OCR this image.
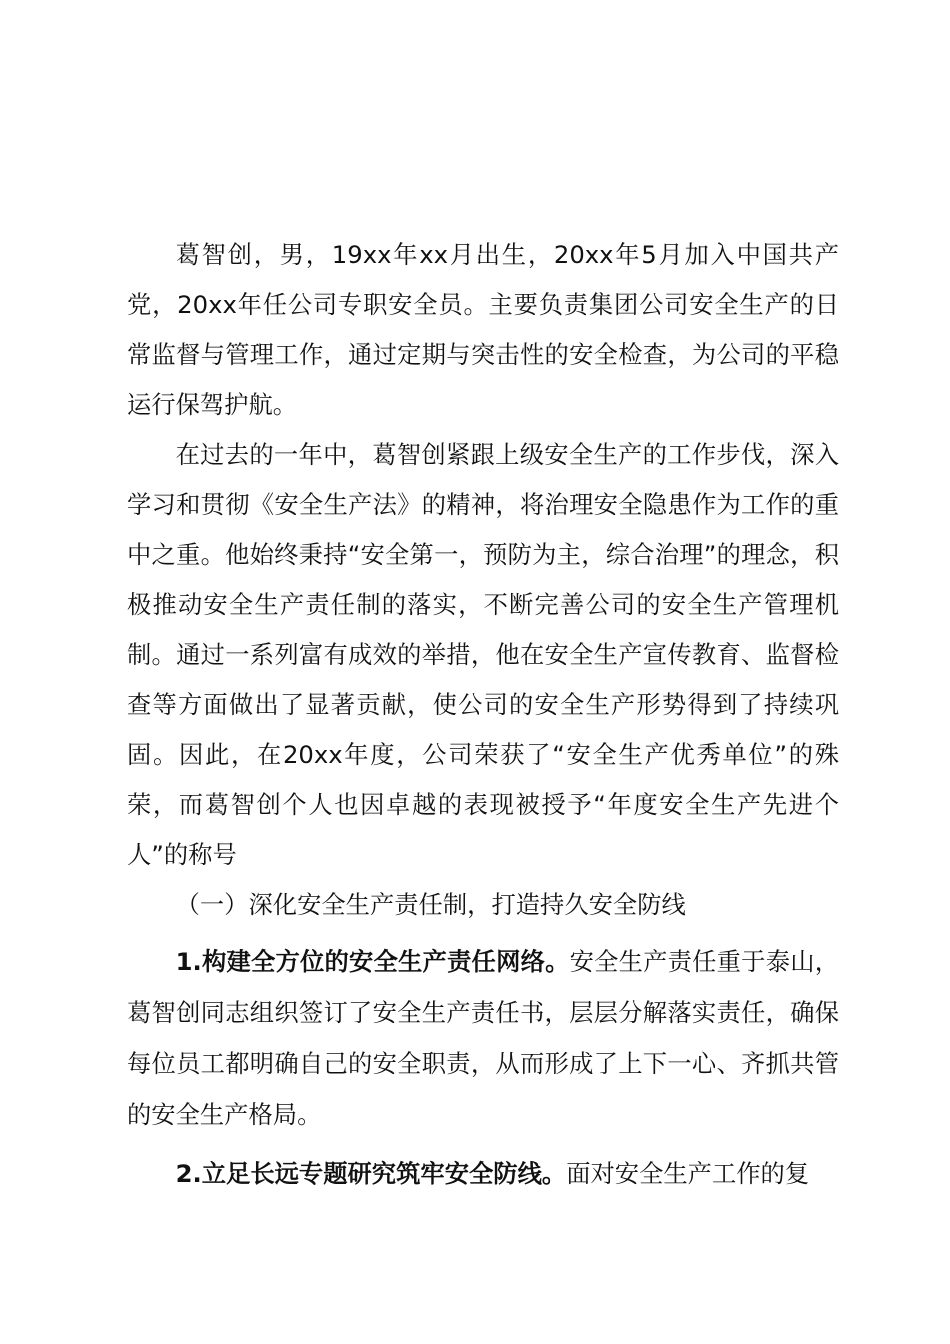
葛智创，男，19xx年xx月出生，20xx年5月加入中国共产党，20xx年任公司专职安全员。主要负责集团公司安全生产的日常监督与管理工作，通过定期与突击性的安全检查，为公司的平稳运行保驾护航。

在过去的一年中，葛智创紧跟上级安全生产的工作步伐，深入学习和贯彻《安全生产法》的精神，将治理安全隐患作为工作的重中之重。他始终秉持“安全第一，预防为主，综合治理”的理念，积极推动安全生产责任制的落实，不断完善公司的安全生产管理机制。通过一系列富有成效的举措，他在安全生产宣传教育、监督检查等方面做出了显著贡献，使公司的安全生产形势得到了持续巩固。因此，在20xx年度，公司荣获了“安全生产优秀单位”的殊荣，而葛智创个人也因卓越的表现被授予“年度安全生产先进个人”的称号

（一）深化安全生产责任制，打造持久安全防线

1.构建全方位的安全生产责任网络。安全生产责任重于泰山，葛智创同志组织签订了安全生产责任书，层层分解落实责任，确保每位员工都明确自己的安全职责，从而形成了上下一心、齐抓共管的安全生产格局。

2.立足长远专题研究筑牢安全防线。面对安全生产工作的复
